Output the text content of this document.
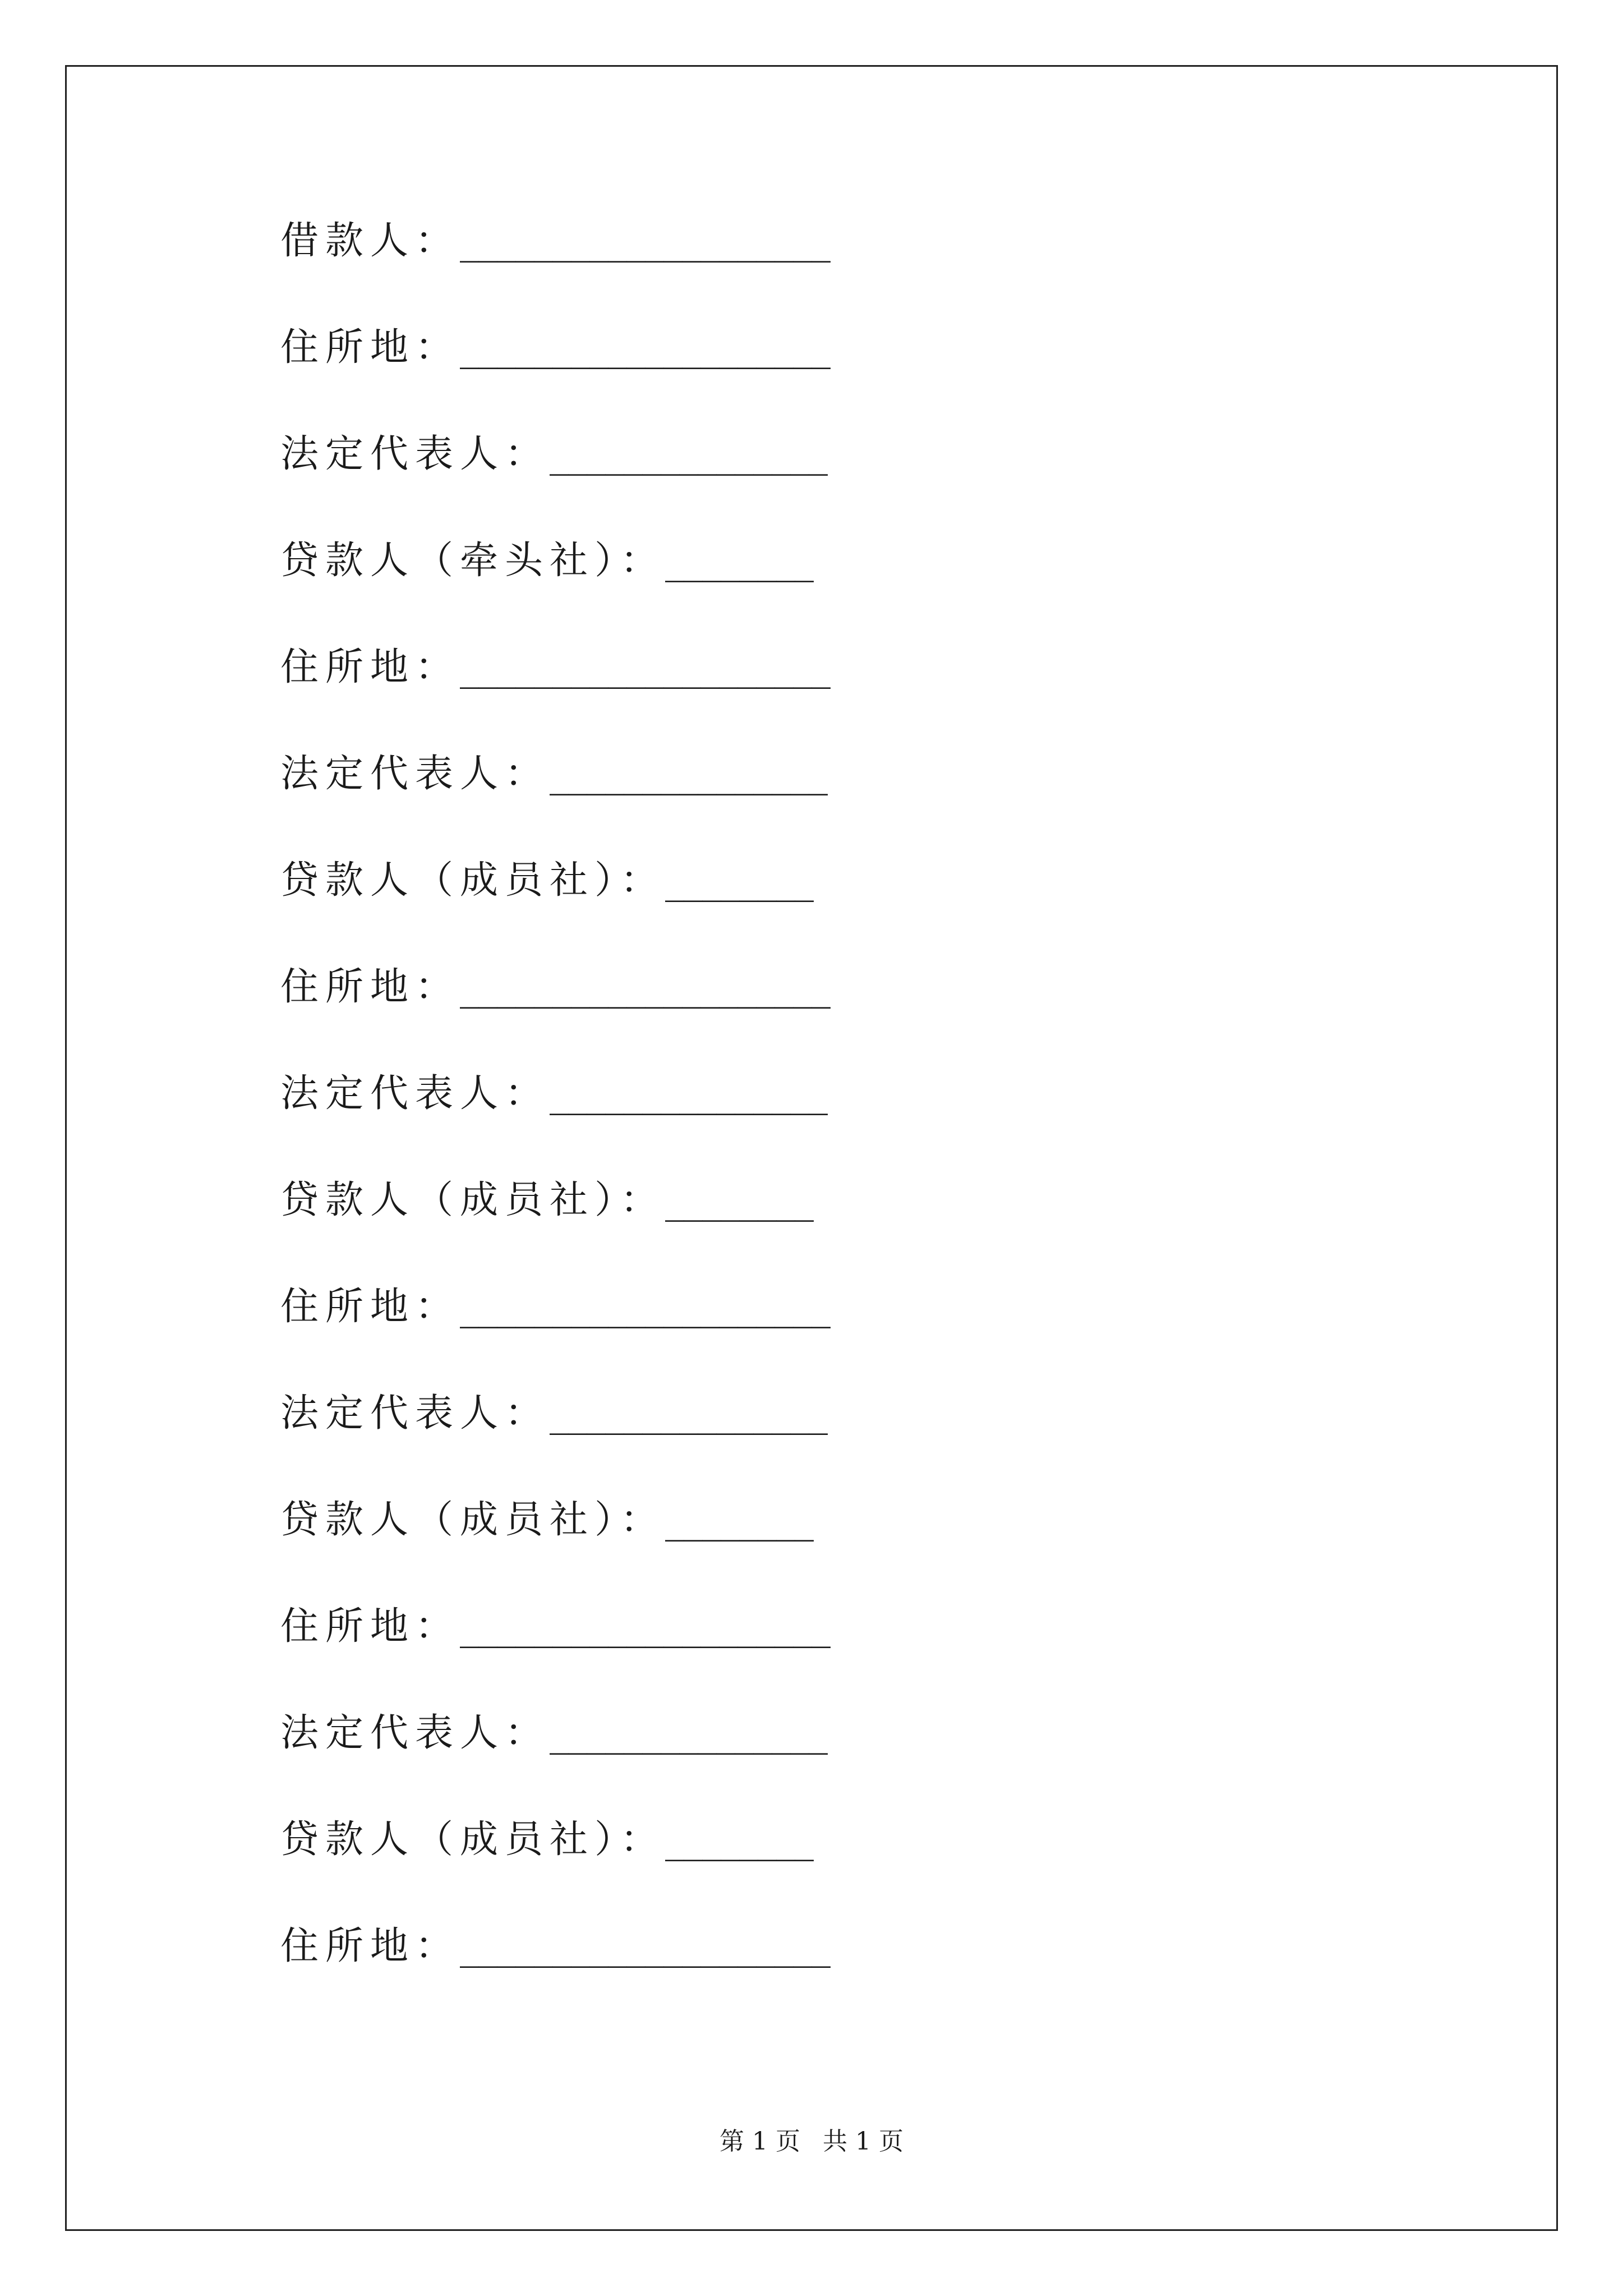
借款人： ____________________
住所地： ____________________
法定代表人： _______________
贷款人（牵头社）： ________
住所地： ____________________
法定代表人： _______________
贷款人（成员社）： ________
住所地： ____________________
法定代表人： _______________
贷款人（成员社）： ________
住所地： ____________________
法定代表人： _______________
贷款人（成员社）： ________
住所地： ____________________
法定代表人： _______________
贷款人（成员社）： ________
住所地： ____________________
第 1 页 共 1 页
